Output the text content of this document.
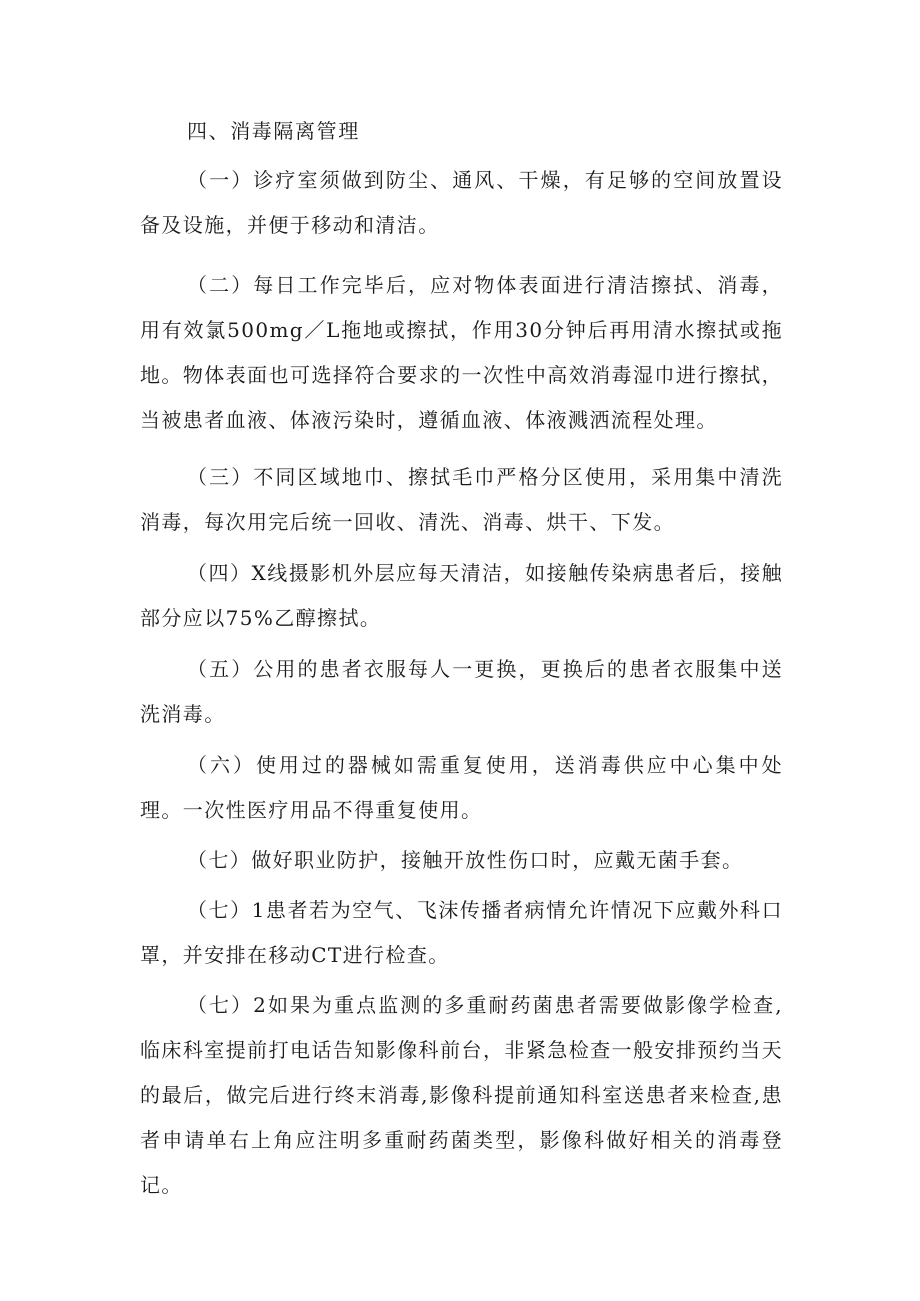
四、消毒隔离管理

（一）诊疗室须做到防尘、通风、干燥，有足够的空间放置设备及设施，并便于移动和清洁。

（二）每日工作完毕后，应对物体表面进行清洁擦拭、消毒，用有效氯500mg／L拖地或擦拭，作用30分钟后再用清水擦拭或拖地。物体表面也可选择符合要求的一次性中高效消毒湿巾进行擦拭，当被患者血液、体液污染时，遵循血液、体液溅洒流程处理。

（三）不同区域地巾、擦拭毛巾严格分区使用，采用集中清洗消毒，每次用完后统一回收、清洗、消毒、烘干、下发。

（四）X线摄影机外层应每天清洁，如接触传染病患者后，接触部分应以75%乙醇擦拭。

（五）公用的患者衣服每人一更换，更换后的患者衣服集中送洗消毒。

（六）使用过的器械如需重复使用，送消毒供应中心集中处理。一次性医疗用品不得重复使用。

（七）做好职业防护，接触开放性伤口时，应戴无菌手套。

（七）1患者若为空气、飞沫传播者病情允许情况下应戴外科口罩，并安排在移动CT进行检查。

（七）2如果为重点监测的多重耐药菌患者需要做影像学检查,临床科室提前打电话告知影像科前台，非紧急检查一般安排预约当天的最后，做完后进行终末消毒,影像科提前通知科室送患者来检查,患者申请单右上角应注明多重耐药菌类型，影像科做好相关的消毒登记。
